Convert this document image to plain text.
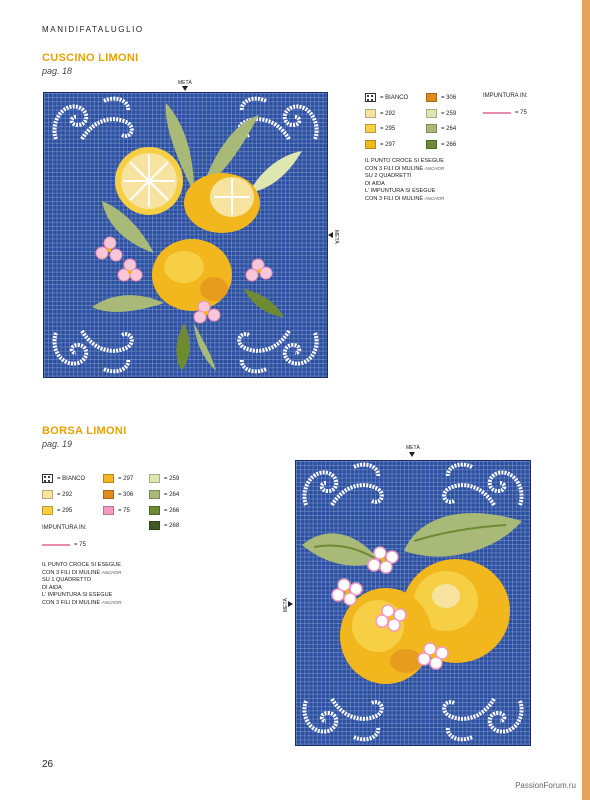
MANIDIFATALUGLIO
CUSCINO LIMONI
pag. 18
METÀ
METÀ
= BIANCO
= 292
= 295
= 297
= 306
= 259
= 264
= 266
IMPUNTURA IN:
= 75
IL PUNTO CROCE SI ESEGUE
CON 3 FILI DI MULINÈ ANCHOR
SU 2 QUADRETTI
DI AIDA
L' IMPUNTURA SI ESEGUE
CON 3 FILI DI MULINÈ ANCHOR
BORSA LIMONI
pag. 19
= BIANCO
= 292
= 295
= 297
= 306
= 75
= 259
= 264
= 266
= 268
IMPUNTURA IN:
= 75
IL PUNTO CROCE SI ESEGUE
CON 3 FILI DI MULINÈ ANCHOR
SU 1 QUADRETTO
DI AIDA
L' IMPUNTURA SI ESEGUE
CON 3 FILI DI MULINÈ ANCHOR
METÀ
METÀ
26
PassionForum.ru
